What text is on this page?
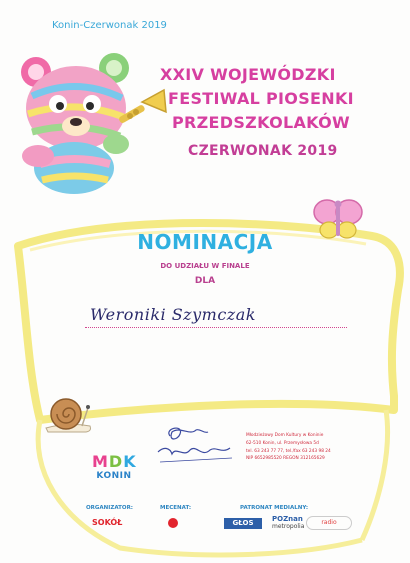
Konin-Czerwonak 2019
XXIV WOJEWÓDZKI
FESTIWAL PIOSENKI
PRZEDSZKOLAKÓW
CZERWONAK 2019
NOMINACJA
DO UDZIAŁU W FINALE
DLA
Weroniki Szymczak
MDK
KONIN
Młodzieżowy Dom Kultury w Koninie
62-510 Konin, ul. Przemysłowa 5d
tel. 63 243 77 77, tel./fax 63 243 98 24
NIP 6652985520 REGON 312165629
ORGANIZATOR:	MECENAT:	PATRONAT MEDIALNY:
SOKÓŁ	GŁOS	POZnan
metropolia
radio
